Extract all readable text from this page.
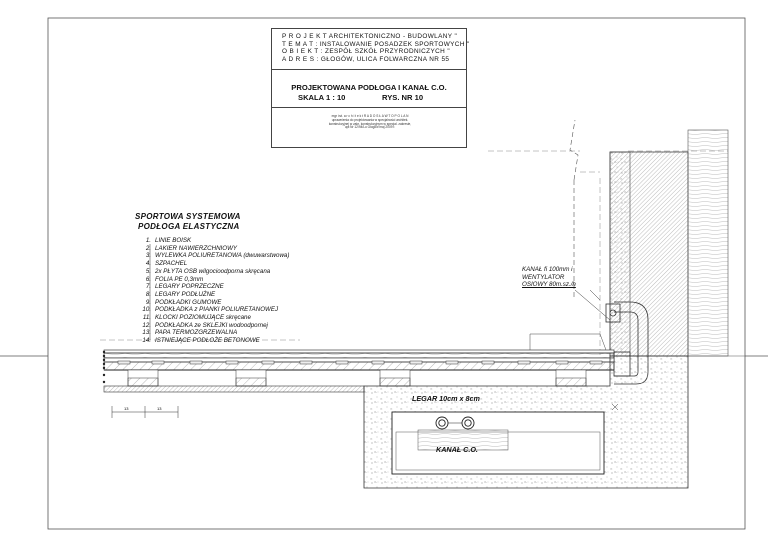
13	13
P R O J E K T ARCHITEKTONICZNO - BUDOWLANY "
T E M A T : INSTALOWANIE POSADZEK SPORTOWYCH "
O B I E K T : ZESPÓŁ SZKÓŁ PRZYRODNICZYCH "
A D R E S : GŁOGÓW, ULICA FOLWARCZNA NR 55
PROJEKTOWANA PODŁOGA I KANAŁ C.O.
SKALA 1 : 10	RYS. NR 10
mgr inż. a r c h i t e k t R A D O S Ł A W T O P O L A N
uprawnienia do projektowania w specjalności architek.
konstrukcyjnej w zakr. konstrukcyjnym w specjal. zakresie,
upr.Nr 12/94/Lu Głogów maj 2009 r.
SPORTOWA SYSTEMOWA
PODŁOGA ELASTYCZNA
1. LINIE BOISK
2. LAKIER NAWIERZCHNIOWY
3. WYLEWKA POLIURETANOWA (dwuwarstwowa)
4. SZPACHEL
5. 2x PŁYTA OSB wilgocioodporna skręcana
6. FOLIA PE 0,3mm
7. LEGARY POPRZECZNE
8. LEGARY PODŁUŻNE
9. PODKŁADKI GUMOWE
10. PODKŁADKA z PIANKI POLIURETANOWEJ
11. KLOCKI POZIOMUJĄCE skręcane
12. PODKŁADKA ze SKLEJKI wodoodpornej
13. PAPA TERMOZGRZEWALNA
14. ISTNIEJĄCE PODŁOŻE BETONOWE
KANAŁ fi 100mm i
WENTYLATOR
OSIOWY 80m.sz./h
LEGAR 10cm x 8cm
KANAŁ C.O.
